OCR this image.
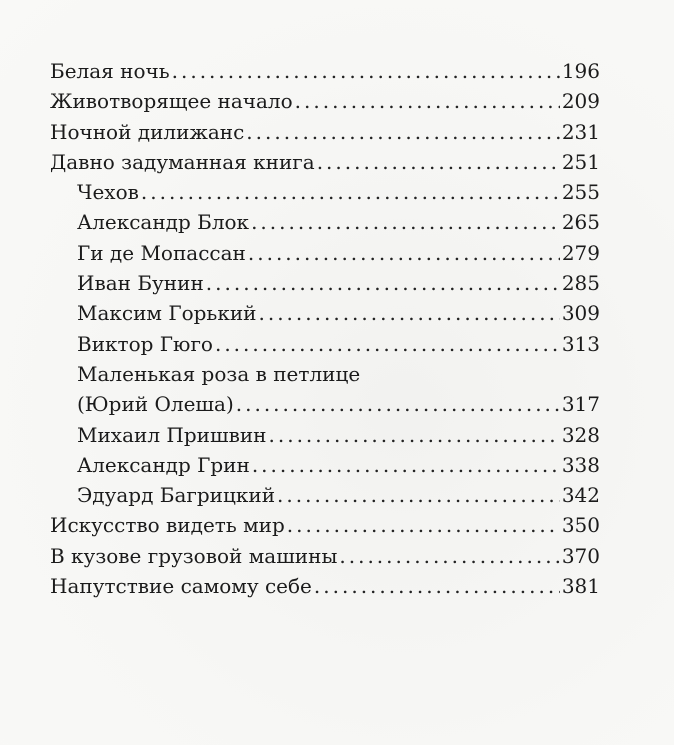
Белая ночь .....	196
Животворящее начало .....	209
Ночной дилижанс .....	231
Давно задуманная книга .....	251
Чехов .....	255
Александр Блок .....	265
Ги де Мопассан .....	279
Иван Бунин .....	285
Максим Горький .....	309
Виктор Гюго .....	313
Маленькая роза в петлице
(Юрий Олеша) .....	317
Михаил Пришвин .....	328
Александр Грин .....	338
Эдуард Багрицкий .....	342
Искусство видеть мир .....	350
В кузове грузовой машины .....	370
Напутствие самому себе .....	381
